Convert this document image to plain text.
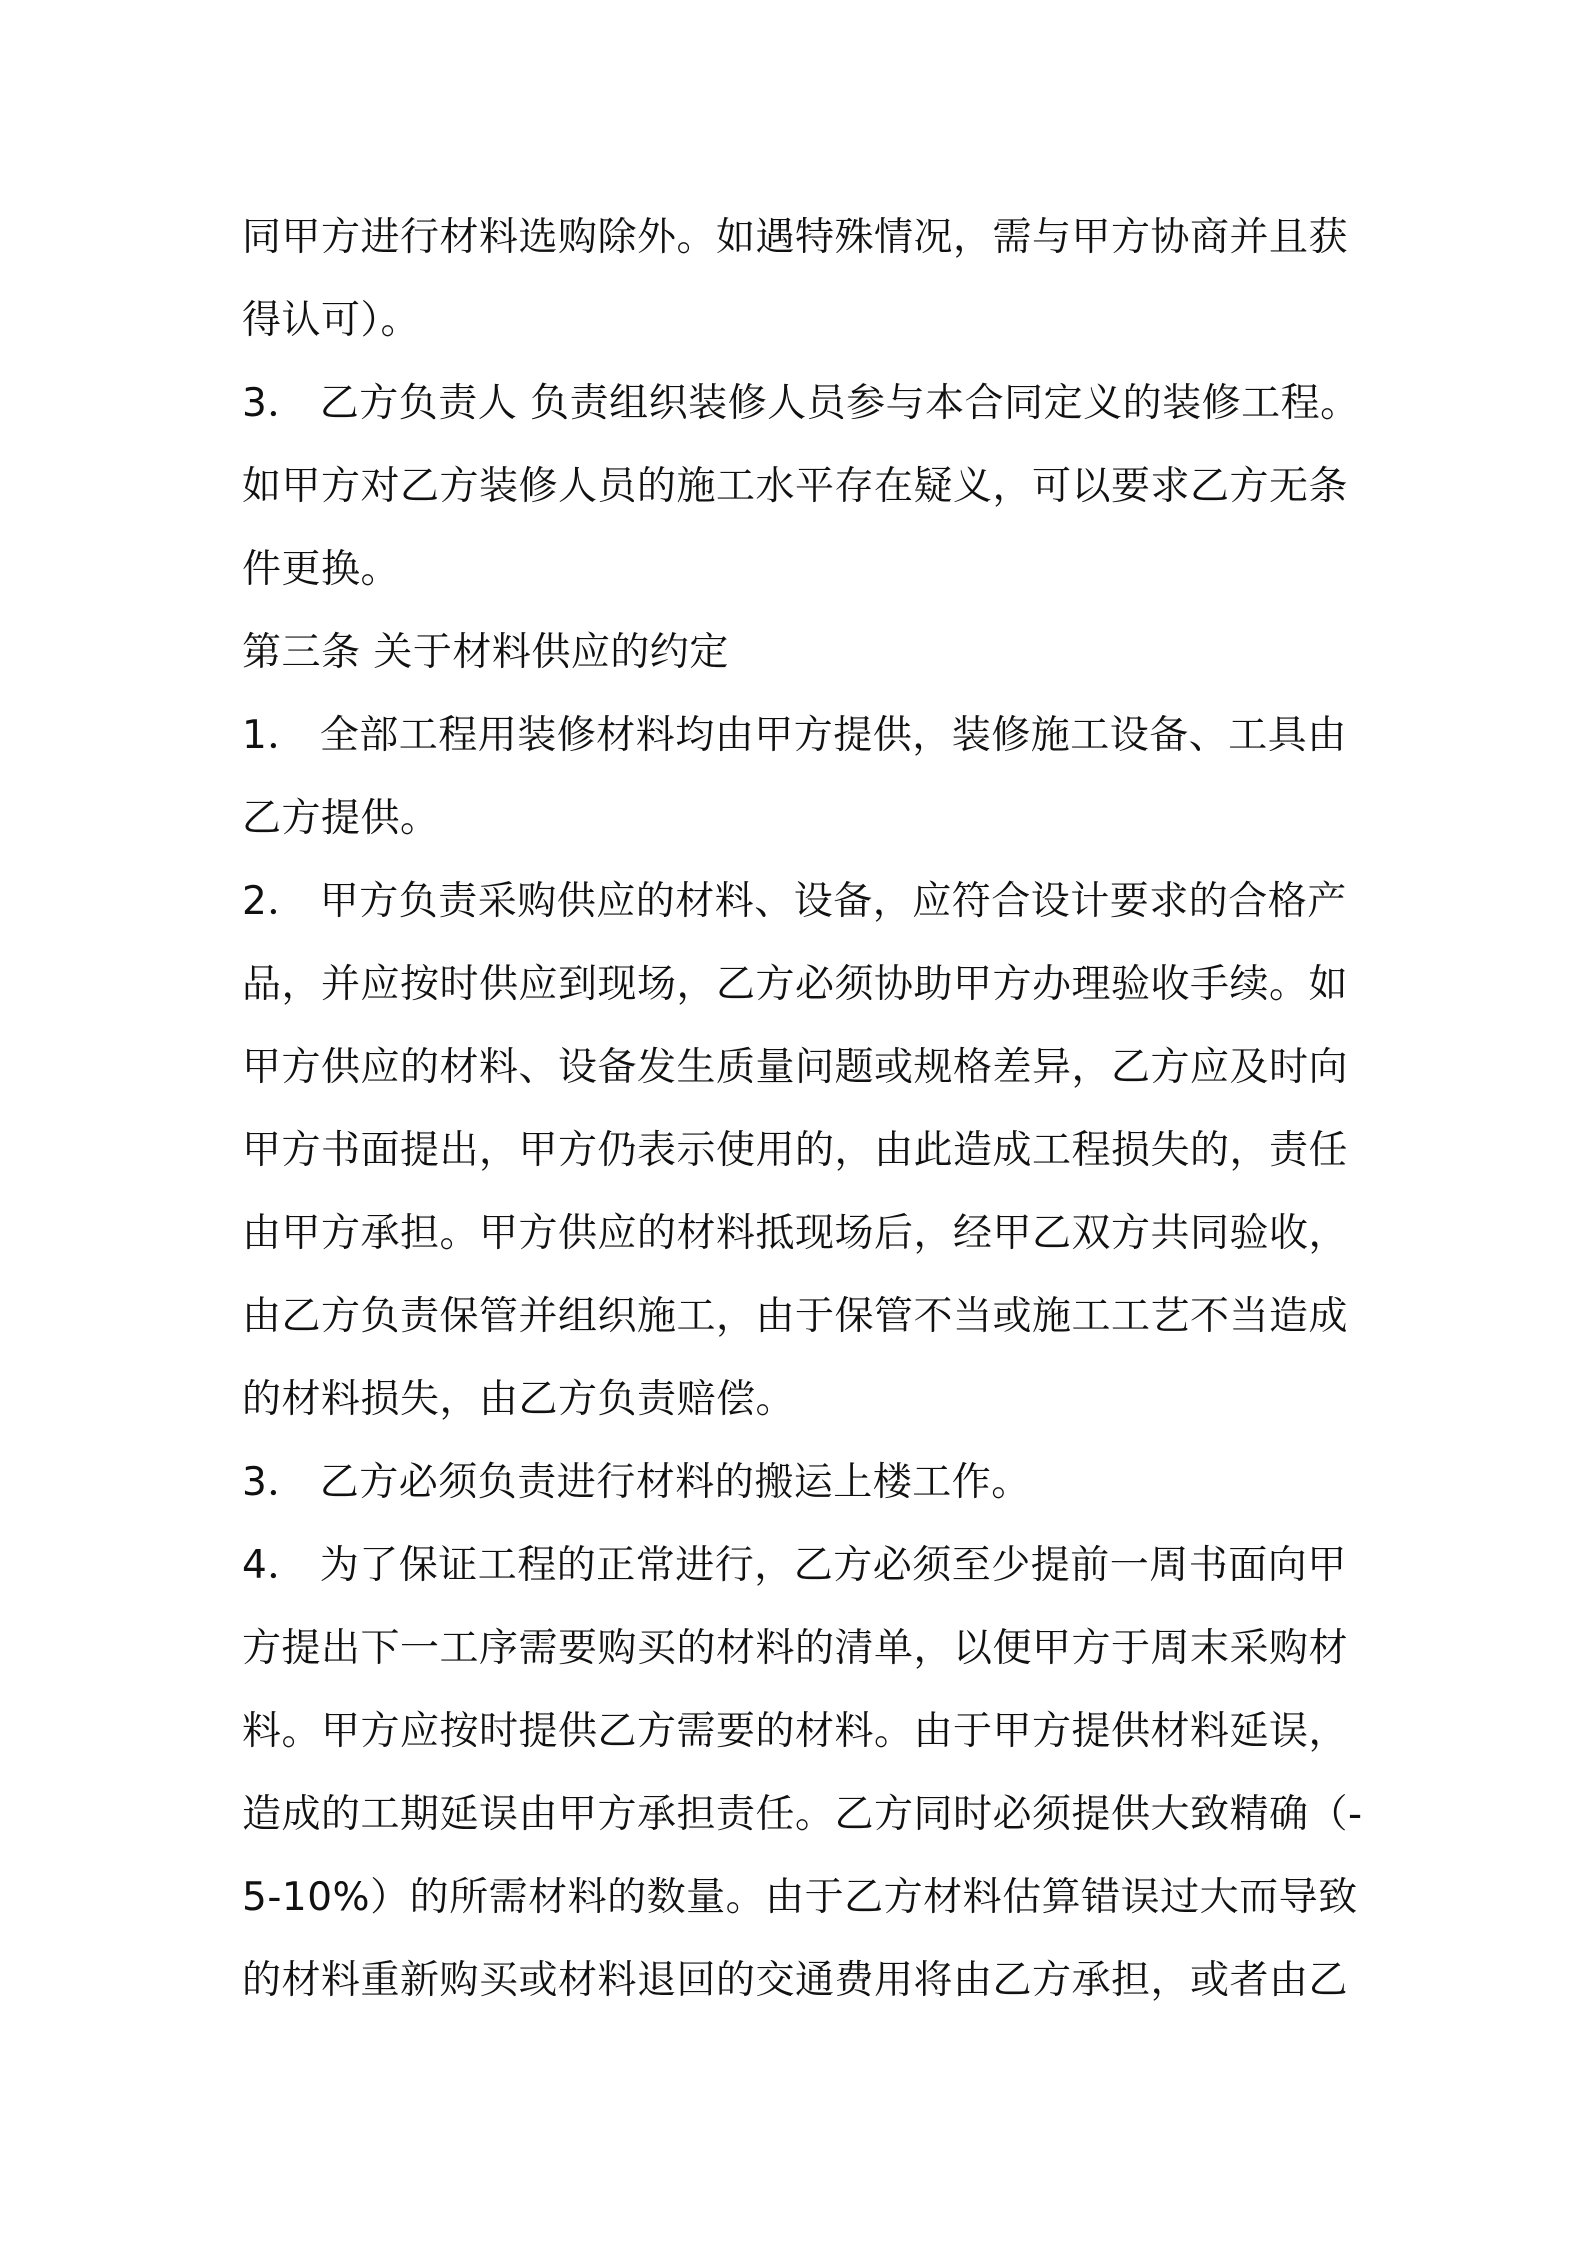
同甲方进行材料选购除外。如遇特殊情况，需与甲方协商并且获
得认可）。
3． 乙方负责人 负责组织装修人员参与本合同定义的装修工程。
如甲方对乙方装修人员的施工水平存在疑义，可以要求乙方无条
件更换。
第三条 关于材料供应的约定
1． 全部工程用装修材料均由甲方提供，装修施工设备、工具由
乙方提供。
2． 甲方负责采购供应的材料、设备，应符合设计要求的合格产
品，并应按时供应到现场，乙方必须协助甲方办理验收手续。如
甲方供应的材料、设备发生质量问题或规格差异，乙方应及时向
甲方书面提出，甲方仍表示使用的，由此造成工程损失的，责任
由甲方承担。甲方供应的材料抵现场后，经甲乙双方共同验收，
由乙方负责保管并组织施工，由于保管不当或施工工艺不当造成
的材料损失，由乙方负责赔偿。
3． 乙方必须负责进行材料的搬运上楼工作。
4． 为了保证工程的正常进行，乙方必须至少提前一周书面向甲
方提出下一工序需要购买的材料的清单，以便甲方于周末采购材
料。甲方应按时提供乙方需要的材料。由于甲方提供材料延误，
造成的工期延误由甲方承担责任。乙方同时必须提供大致精确（-
5-10%）的所需材料的数量。由于乙方材料估算错误过大而导致
的材料重新购买或材料退回的交通费用将由乙方承担，或者由乙
